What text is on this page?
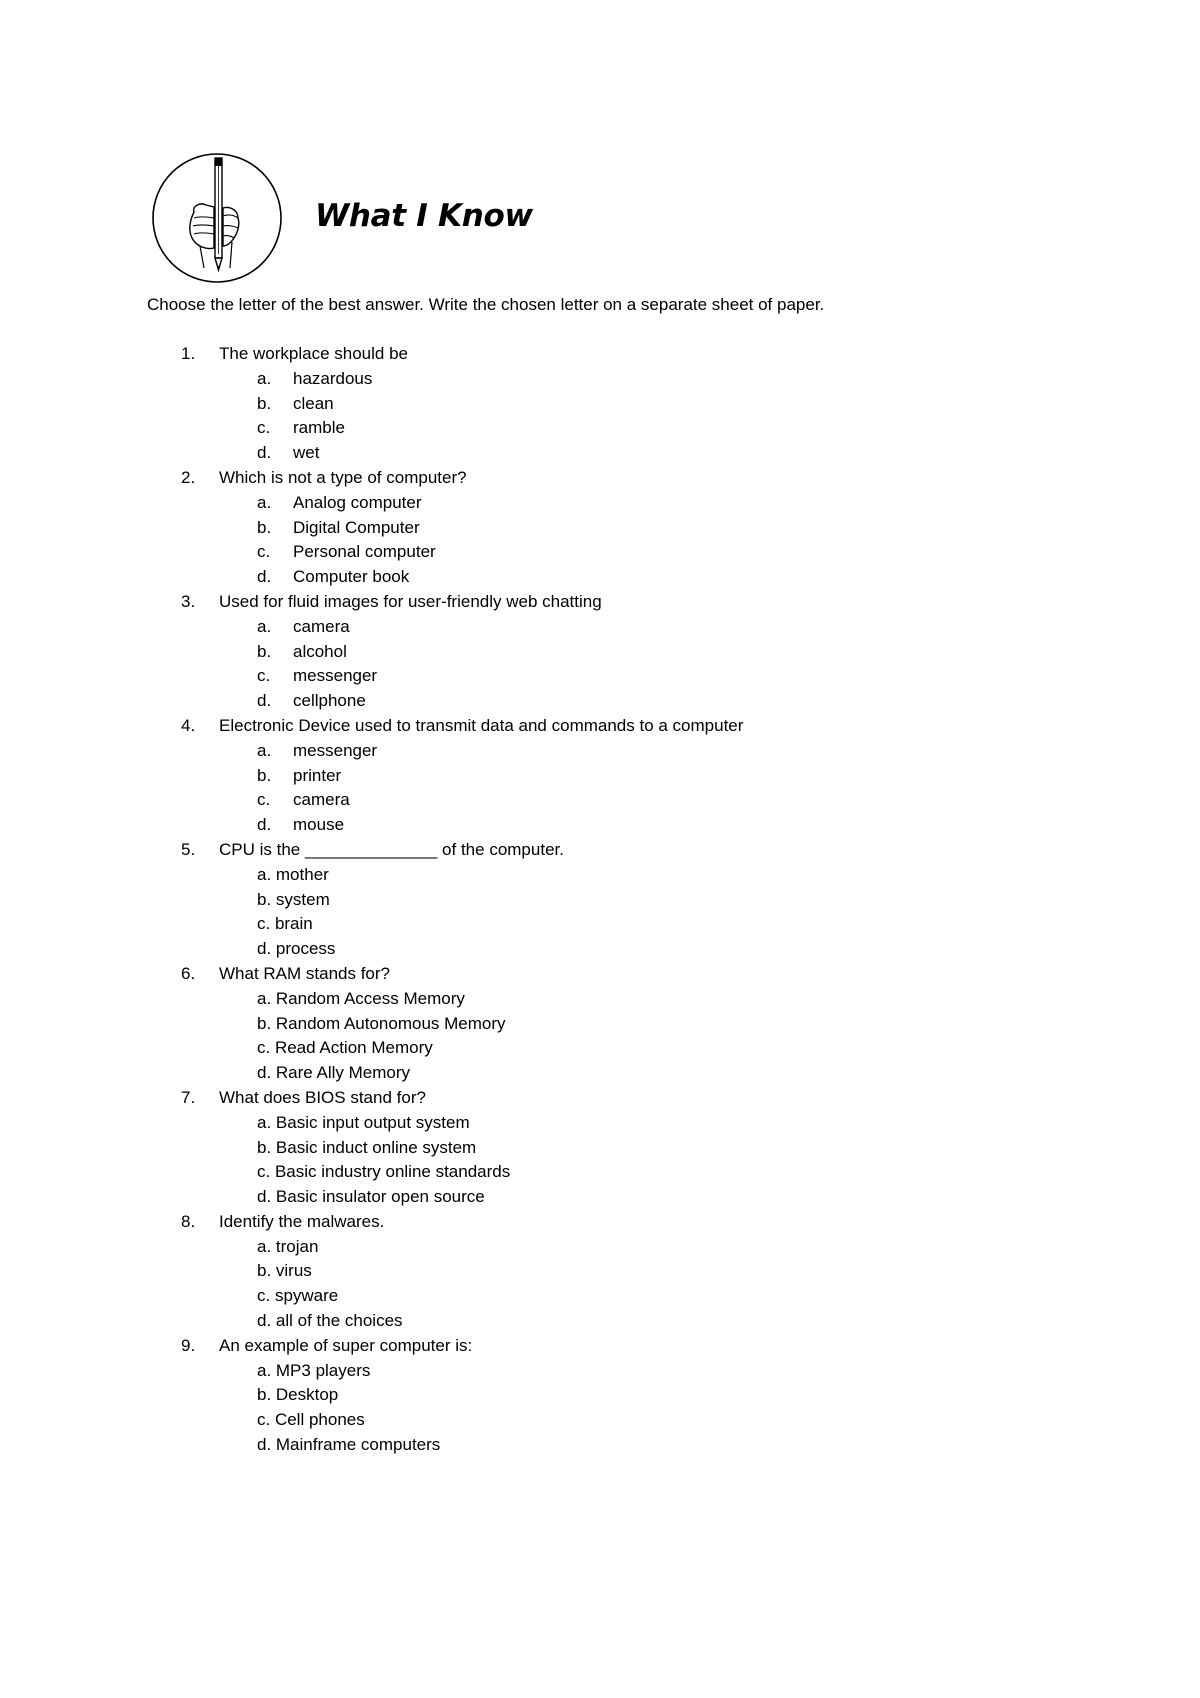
What I Know

Choose the letter of the best answer. Write the chosen letter on a separate sheet of paper.

1.	The workplace should be
a.	hazardous
b.	clean
c.	ramble
d.	wet
2.	Which is not a type of computer?
a.	Analog computer
b.	Digital Computer
c.	Personal computer
d.	Computer book
3.	Used for fluid images for user-friendly web chatting
a.	camera
b.	alcohol
c.	messenger
d.	cellphone
4.	Electronic Device used to transmit data and commands to a computer
a.	messenger
b.	printer
c.	camera
d.	mouse
5.	CPU is the ______________ of the computer.
a. mother
b. system
c. brain
d. process
6.	What RAM stands for?
a. Random Access Memory
b. Random Autonomous Memory
c. Read Action Memory
d. Rare Ally Memory
7.	What does BIOS stand for?
a. Basic input output system
b. Basic induct online system
c. Basic industry online standards
d. Basic insulator open source
8.	Identify the malwares.
a. trojan
b. virus
c. spyware
d. all of the choices
9.	An example of super computer is:
a. MP3 players
b. Desktop
c. Cell phones
d. Mainframe computers
